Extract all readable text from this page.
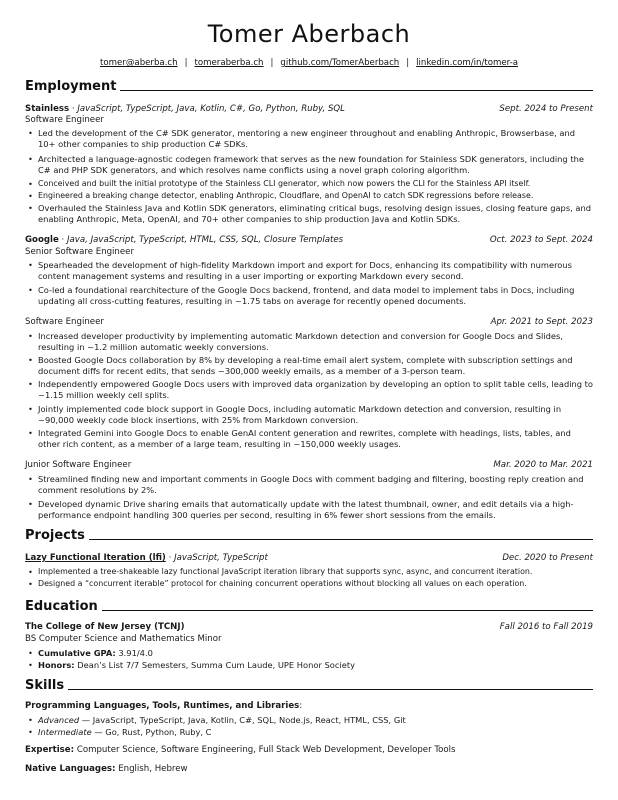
Tomer Aberbach
tomer@aberba.ch | tomeraberba.ch | github.com/TomerAberbach | linkedin.com/in/tomer-a
Employment
Stainless · JavaScript, TypeScript, Java, Kotlin, C#, Go, Python, Ruby, SQL	Sept. 2024 to Present
Software Engineer
• Led the development of the C# SDK generator, mentoring a new engineer throughout and enabling Anthropic, Browserbase, and 10+ other companies to ship production C# SDKs.
• Architected a language-agnostic codegen framework that serves as the new foundation for Stainless SDK generators, including the C# and PHP SDK generators, and which resolves name conflicts using a novel graph coloring algorithm.
• Conceived and built the initial prototype of the Stainless CLI generator, which now powers the CLI for the Stainless API itself.
• Engineered a breaking change detector, enabling Anthropic, Cloudflare, and OpenAI to catch SDK regressions before release.
• Overhauled the Stainless Java and Kotlin SDK generators, eliminating critical bugs, resolving design issues, closing feature gaps, and enabling Anthropic, Meta, OpenAI, and 70+ other companies to ship production Java and Kotlin SDKs.
Google · Java, JavaScript, TypeScript, HTML, CSS, SQL, Closure Templates	Oct. 2023 to Sept. 2024
Senior Software Engineer
• Spearheaded the development of high-fidelity Markdown import and export for Docs, enhancing its compatibility with numerous content management systems and resulting in a user importing or exporting Markdown every second.
• Co-led a foundational rearchitecture of the Google Docs backend, frontend, and data model to implement tabs in Docs, including updating all cross-cutting features, resulting in ~1.75 tabs on average for recently opened documents.
Software Engineer	Apr. 2021 to Sept. 2023
• Increased developer productivity by implementing automatic Markdown detection and conversion for Google Docs and Slides, resulting in ~1.2 million automatic weekly conversions.
• Boosted Google Docs collaboration by 8% by developing a real-time email alert system, complete with subscription settings and document diffs for recent edits, that sends ~300,000 weekly emails, as a member of a 3-person team.
• Independently empowered Google Docs users with improved data organization by developing an option to split table cells, leading to ~1.15 million weekly cell splits.
• Jointly implemented code block support in Google Docs, including automatic Markdown detection and conversion, resulting in ~90,000 weekly code block insertions, with 25% from Markdown conversion.
• Integrated Gemini into Google Docs to enable GenAI content generation and rewrites, complete with headings, lists, tables, and other rich content, as a member of a large team, resulting in ~150,000 weekly usages.
Junior Software Engineer	Mar. 2020 to Mar. 2021
• Streamlined finding new and important comments in Google Docs with comment badging and filtering, boosting reply creation and comment resolutions by 2%.
• Developed dynamic Drive sharing emails that automatically update with the latest thumbnail, owner, and edit details via a high-performance endpoint handling 300 queries per second, resulting in 6% fewer short sessions from the emails.
Projects
Lazy Functional Iteration (lfi) · JavaScript, TypeScript	Dec. 2020 to Present
• Implemented a tree-shakeable lazy functional JavaScript iteration library that supports sync, async, and concurrent iteration.
• Designed a “concurrent iterable” protocol for chaining concurrent operations without blocking all values on each operation.
Education
The College of New Jersey (TCNJ)	Fall 2016 to Fall 2019
BS Computer Science and Mathematics Minor
• Cumulative GPA: 3.91/4.0
• Honors: Dean’s List 7/7 Semesters, Summa Cum Laude, UPE Honor Society
Skills
Programming Languages, Tools, Runtimes, and Libraries:
• Advanced — JavaScript, TypeScript, Java, Kotlin, C#, SQL, Node.js, React, HTML, CSS, Git
• Intermediate — Go, Rust, Python, Ruby, C
Expertise: Computer Science, Software Engineering, Full Stack Web Development, Developer Tools
Native Languages: English, Hebrew
